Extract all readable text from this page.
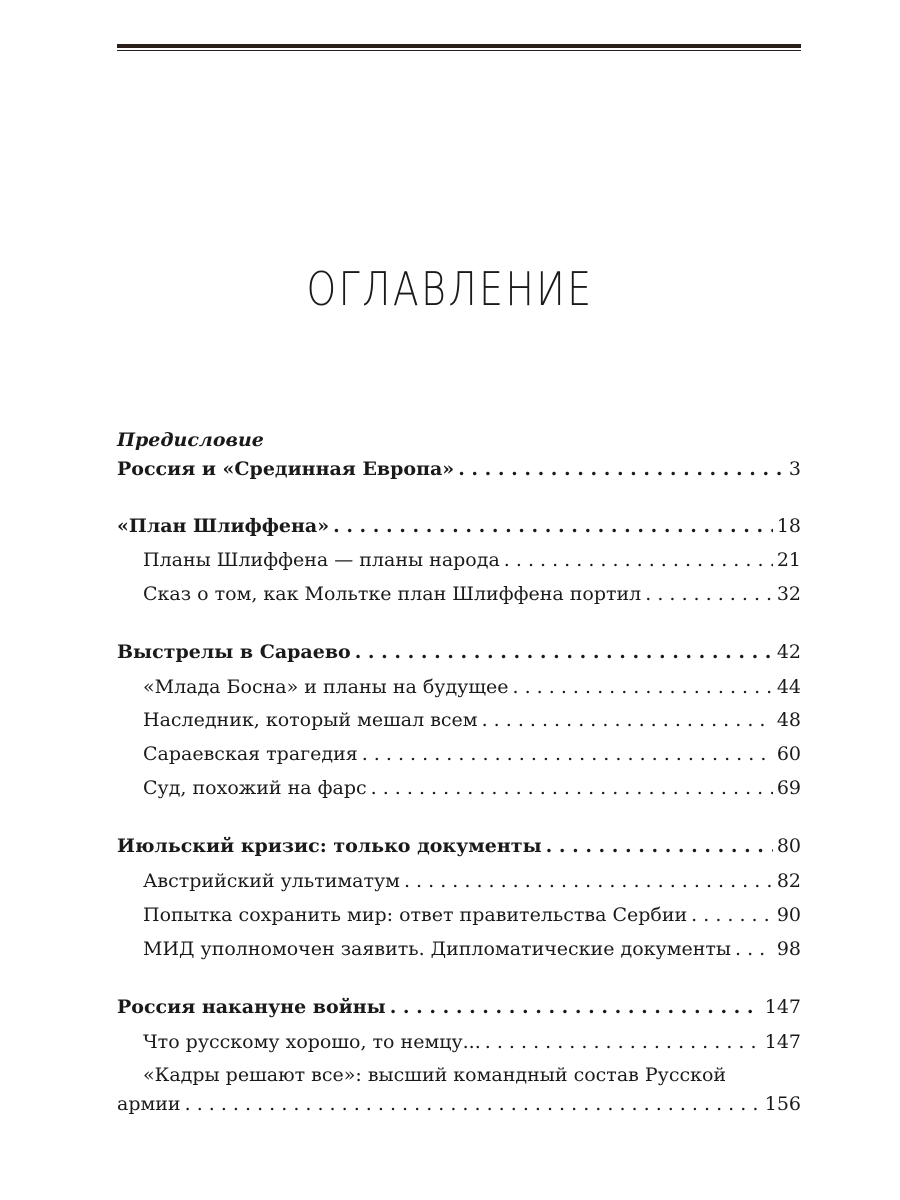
ОГЛАВЛЕНИЕ
Предисловие
Россия и «Срединная Европа» . . .	3
«План Шлиффена» . . .	18
Планы Шлиффена — планы народа . . .	21
Сказ о том, как Мольтке план Шлиффена портил . . .	32
Выстрелы в Сараево . . .	42
«Млада Босна» и планы на будущее . . .	44
Наследник, который мешал всем . . .	48
Сараевская трагедия . . .	60
Суд, похожий на фарс . . .	69
Июльский кризис: только документы . . .	80
Австрийский ультиматум . . .	82
Попытка сохранить мир: ответ правительства Сербии . . .	90
МИД уполномочен заявить. Дипломатические документы . . . 98
Россия накануне войны . . .	147
Что русскому хорошо, то немцу... . . .	147
«Кадры решают все»: высший командный состав Русской
армии . . .	156
